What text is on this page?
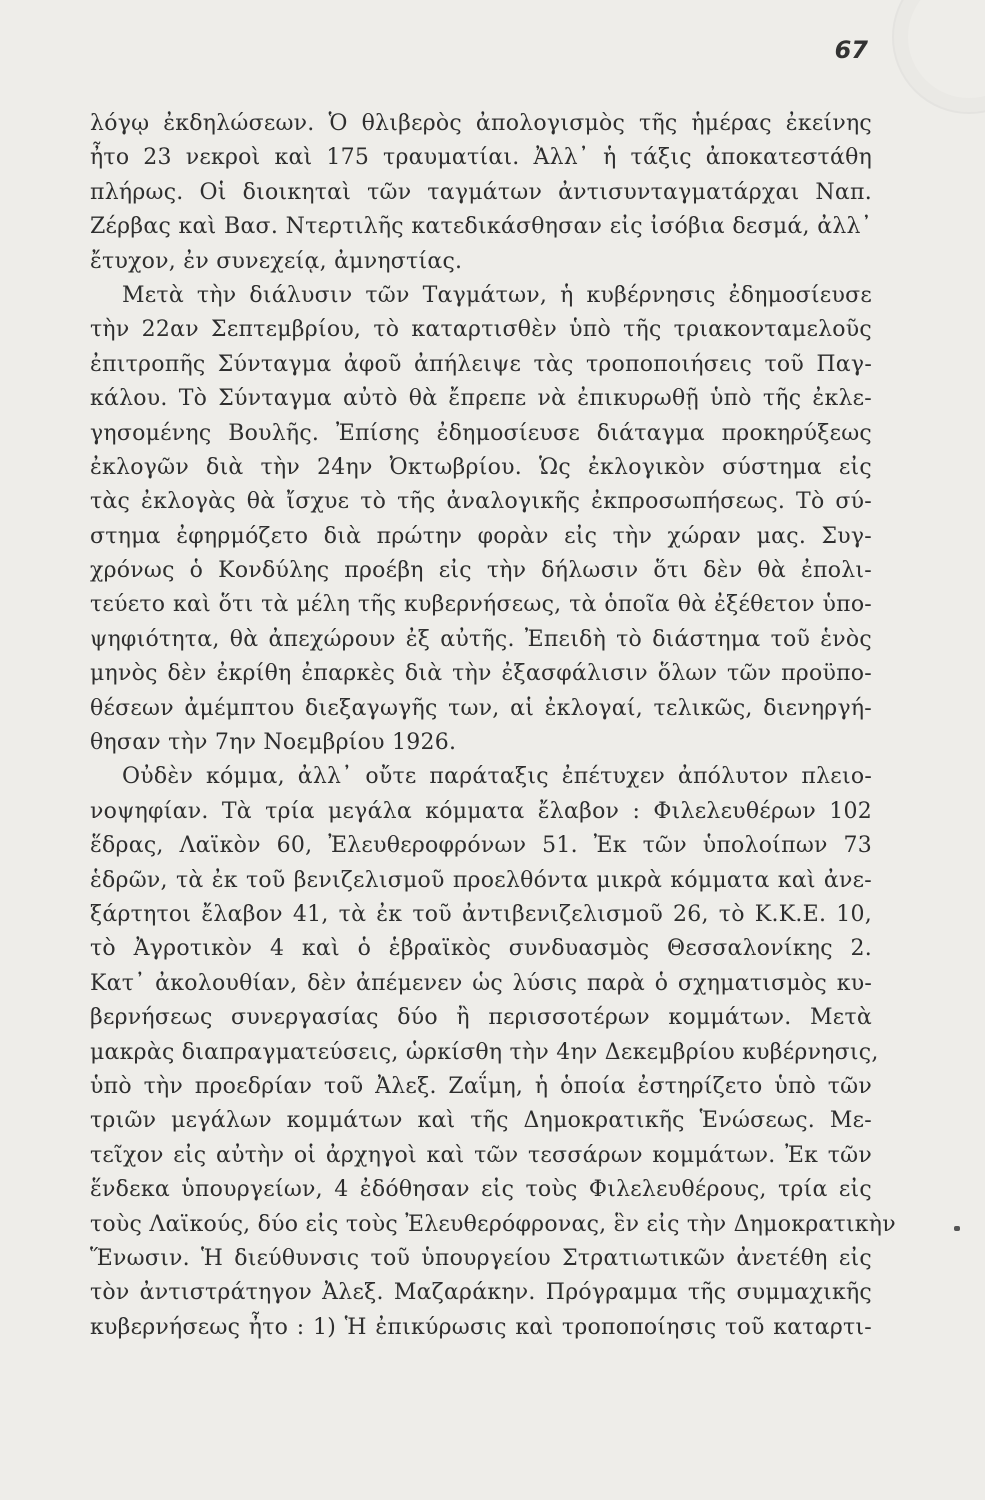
67
λόγῳ ἐκδηλώσεων. Ὁ θλιβερὸς ἀπολογισμὸς τῆς ἡμέρας ἐκείνης
ἦτο 23 νεκροὶ καὶ 175 τραυματίαι. Ἀλλ᾽ ἡ τάξις ἀποκατεστάθη
πλήρως. Οἱ διοικηταὶ τῶν ταγμάτων ἀντισυνταγματάρχαι Ναπ.
Ζέρβας καὶ Βασ. Ντερτιλῆς κατεδικάσθησαν εἰς ἰσόβια δεσμά, ἀλλ᾽
ἔτυχον, ἐν συνεχείᾳ, ἀμνηστίας.
Μετὰ τὴν διάλυσιν τῶν Ταγμάτων, ἡ κυβέρνησις ἐδημοσίευσε
τὴν 22αν Σεπτεμβρίου, τὸ καταρτισθὲν ὑπὸ τῆς τριακονταμελοῦς
ἐπιτροπῆς Σύνταγμα ἀφοῦ ἀπήλειψε τὰς τροποποιήσεις τοῦ Παγ-
κάλου. Τὸ Σύνταγμα αὐτὸ θὰ ἔπρεπε νὰ ἐπικυρωθῇ ὑπὸ τῆς ἐκλε-
γησομένης Βουλῆς. Ἐπίσης ἐδημοσίευσε διάταγμα προκηρύξεως
ἐκλογῶν διὰ τὴν 24ην Ὀκτωβρίου. Ὡς ἐκλογικὸν σύστημα εἰς
τὰς ἐκλογὰς θὰ ἴσχυε τὸ τῆς ἀναλογικῆς ἐκπροσωπήσεως. Τὸ σύ-
στημα ἐφηρμόζετο διὰ πρώτην φορὰν εἰς τὴν χώραν μας. Συγ-
χρόνως ὁ Κονδύλης προέβη εἰς τὴν δήλωσιν ὅτι δὲν θὰ ἐπολι-
τεύετο καὶ ὅτι τὰ μέλη τῆς κυβερνήσεως, τὰ ὁποῖα θὰ ἐξέθετον ὑπο-
ψηφιότητα, θὰ ἀπεχώρουν ἐξ αὐτῆς. Ἐπειδὴ τὸ διάστημα τοῦ ἑνὸς
μηνὸς δὲν ἐκρίθη ἐπαρκὲς διὰ τὴν ἐξασφάλισιν ὅλων τῶν προϋπο-
θέσεων ἀμέμπτου διεξαγωγῆς των, αἱ ἐκλογαί, τελικῶς, διενηργή-
θησαν τὴν 7ην Νοεμβρίου 1926.
Οὐδὲν κόμμα, ἀλλ᾽ οὔτε παράταξις ἐπέτυχεν ἀπόλυτον πλειο-
νοψηφίαν. Τὰ τρία μεγάλα κόμματα ἔλαβον : Φιλελευθέρων 102
ἕδρας, Λαϊκὸν 60, Ἐλευθεροφρόνων 51. Ἐκ τῶν ὑπολοίπων 73
ἑδρῶν, τὰ ἐκ τοῦ βενιζελισμοῦ προελθόντα μικρὰ κόμματα καὶ ἀνε-
ξάρτητοι ἔλαβον 41, τὰ ἐκ τοῦ ἀντιβενιζελισμοῦ 26, τὸ Κ.Κ.Ε. 10,
τὸ Ἀγροτικὸν 4 καὶ ὁ ἑβραϊκὸς συνδυασμὸς Θεσσαλονίκης 2.
Κατ᾽ ἀκολουθίαν, δὲν ἀπέμενεν ὡς λύσις παρὰ ὁ σχηματισμὸς κυ-
βερνήσεως συνεργασίας δύο ἢ περισσοτέρων κομμάτων. Μετὰ
μακρὰς διαπραγματεύσεις, ὡρκίσθη τὴν 4ην Δεκεμβρίου κυβέρνησις,
ὑπὸ τὴν προεδρίαν τοῦ Ἀλεξ. Ζαΐμη, ἡ ὁποία ἐστηρίζετο ὑπὸ τῶν
τριῶν μεγάλων κομμάτων καὶ τῆς Δημοκρατικῆς Ἑνώσεως. Με-
τεῖχον εἰς αὐτὴν οἱ ἀρχηγοὶ καὶ τῶν τεσσάρων κομμάτων. Ἐκ τῶν
ἕνδεκα ὑπουργείων, 4 ἐδόθησαν εἰς τοὺς Φιλελευθέρους, τρία εἰς
τοὺς Λαϊκούς, δύο εἰς τοὺς Ἐλευθερόφρονας, ἓν εἰς τὴν Δημοκρατικὴν
Ἕνωσιν. Ἡ διεύθυνσις τοῦ ὑπουργείου Στρατιωτικῶν ἀνετέθη εἰς
τὸν ἀντιστράτηγον Ἀλεξ. Μαζαράκην. Πρόγραμμα τῆς συμμαχικῆς
κυβερνήσεως ἦτο : 1) Ἡ ἐπικύρωσις καὶ τροποποίησις τοῦ καταρτι-
